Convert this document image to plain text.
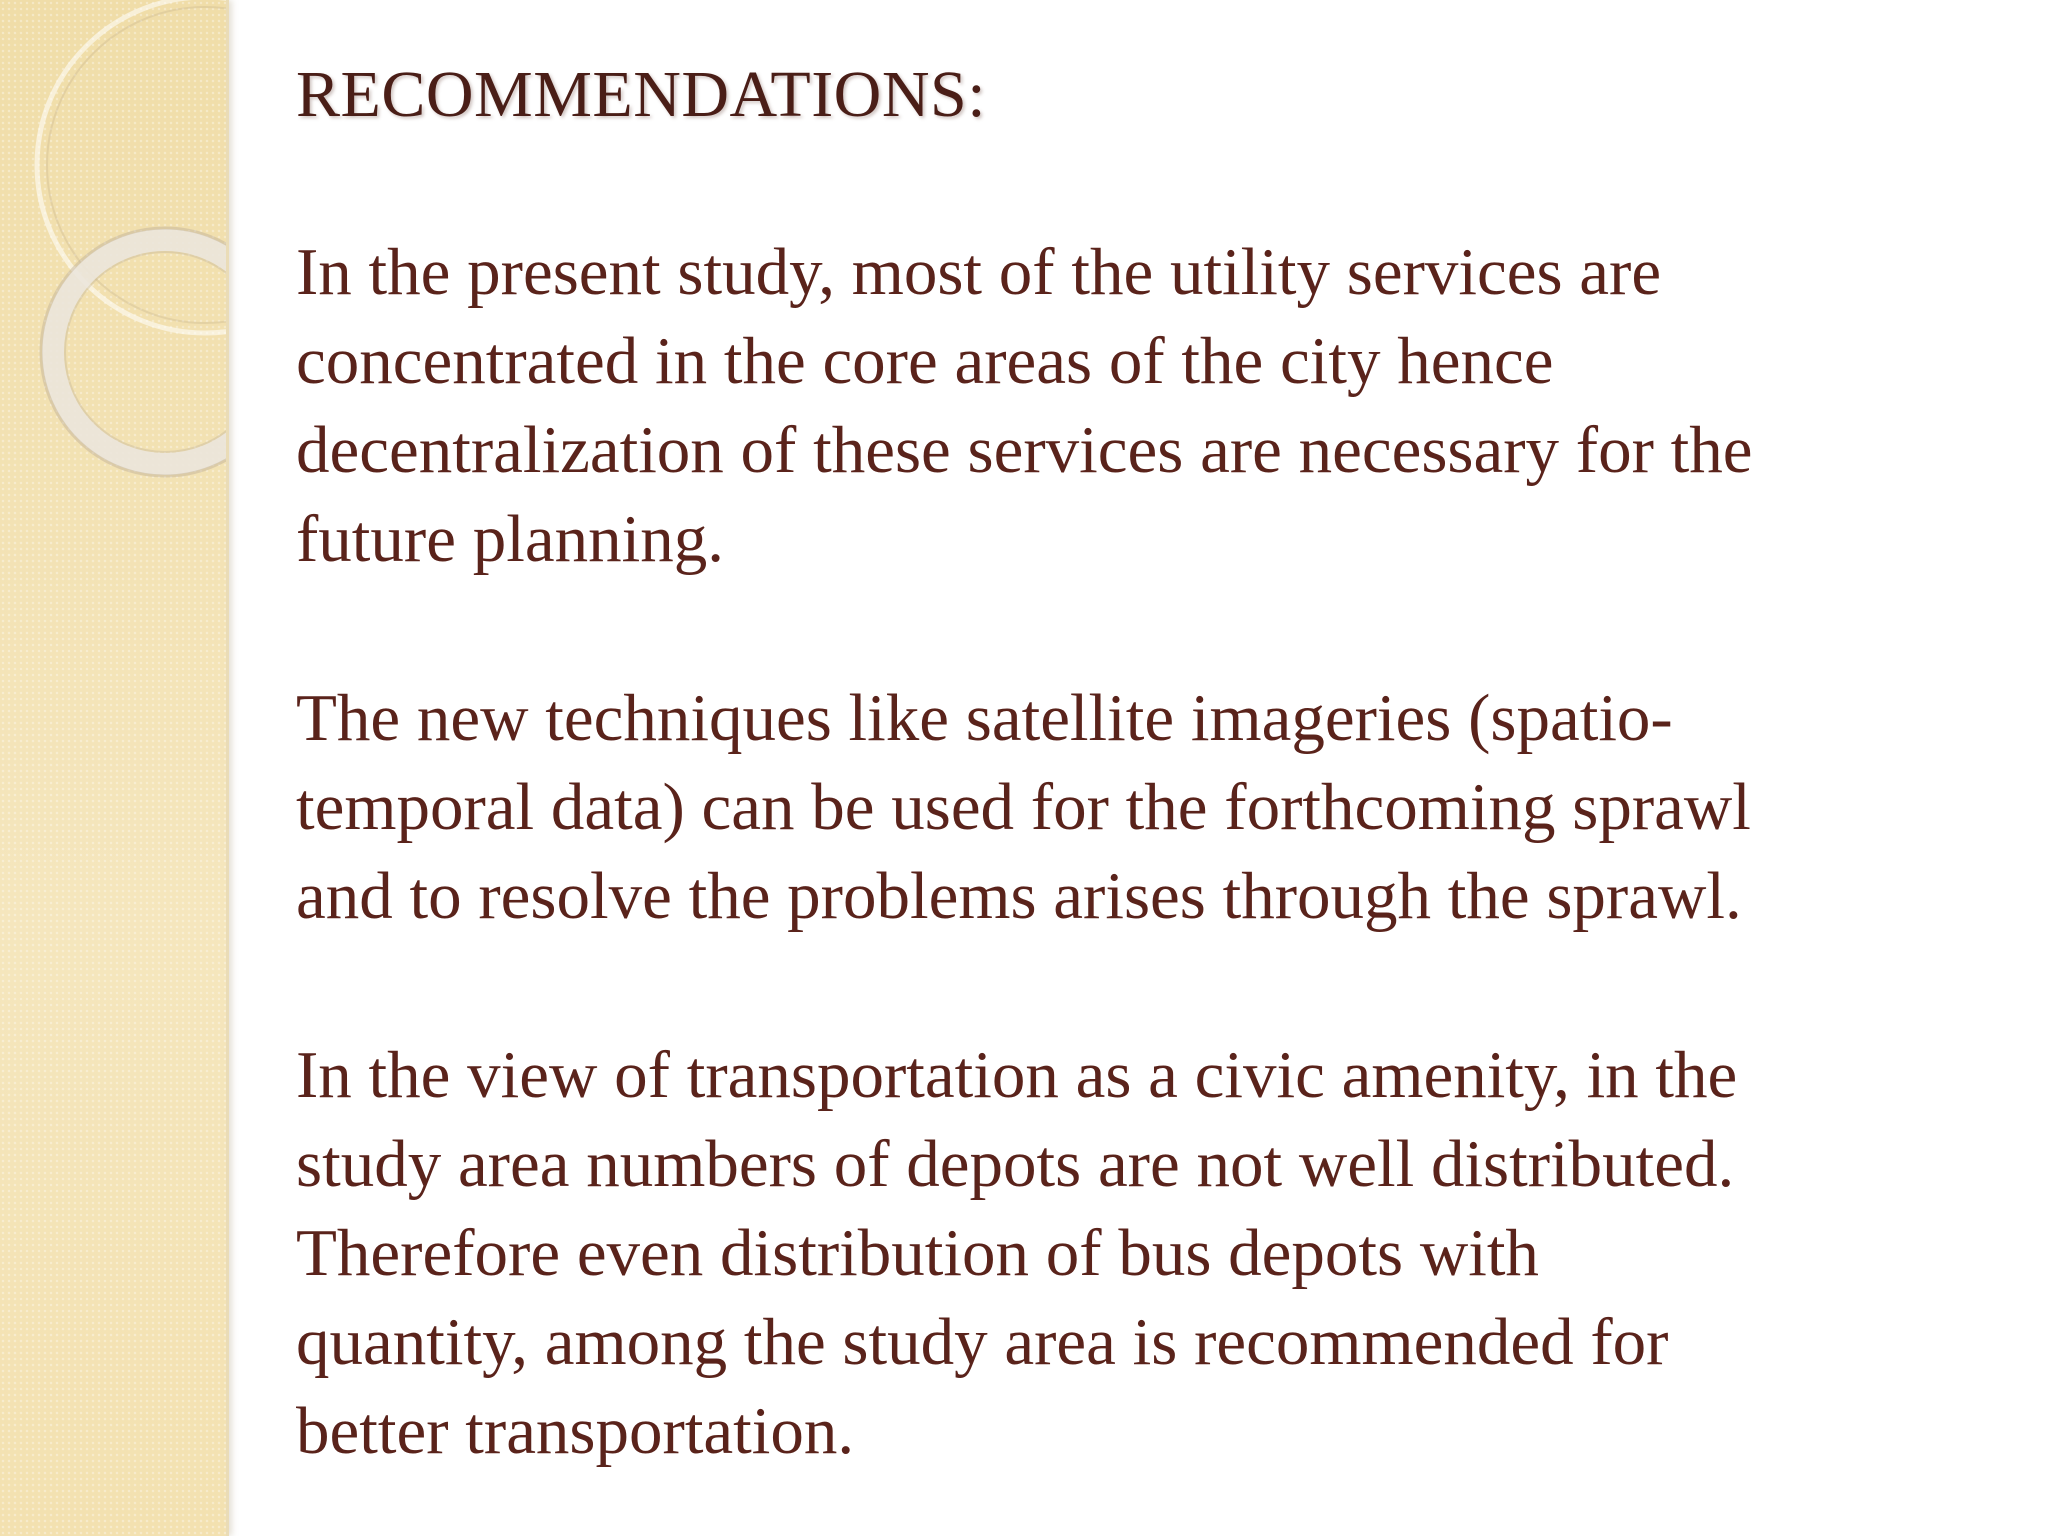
RECOMMENDATIONS:

In the present study, most of the utility services are
concentrated in the core areas of the city hence
decentralization of these services are necessary for the
future planning.

The new techniques like satellite imageries (spatio-
temporal data) can be used for the forthcoming sprawl
and to resolve the problems arises through the sprawl.

In the view of transportation as a civic amenity, in the
study area numbers of depots are not well distributed.
Therefore even distribution of bus depots with
quantity, among the study area is recommended for
better transportation.
